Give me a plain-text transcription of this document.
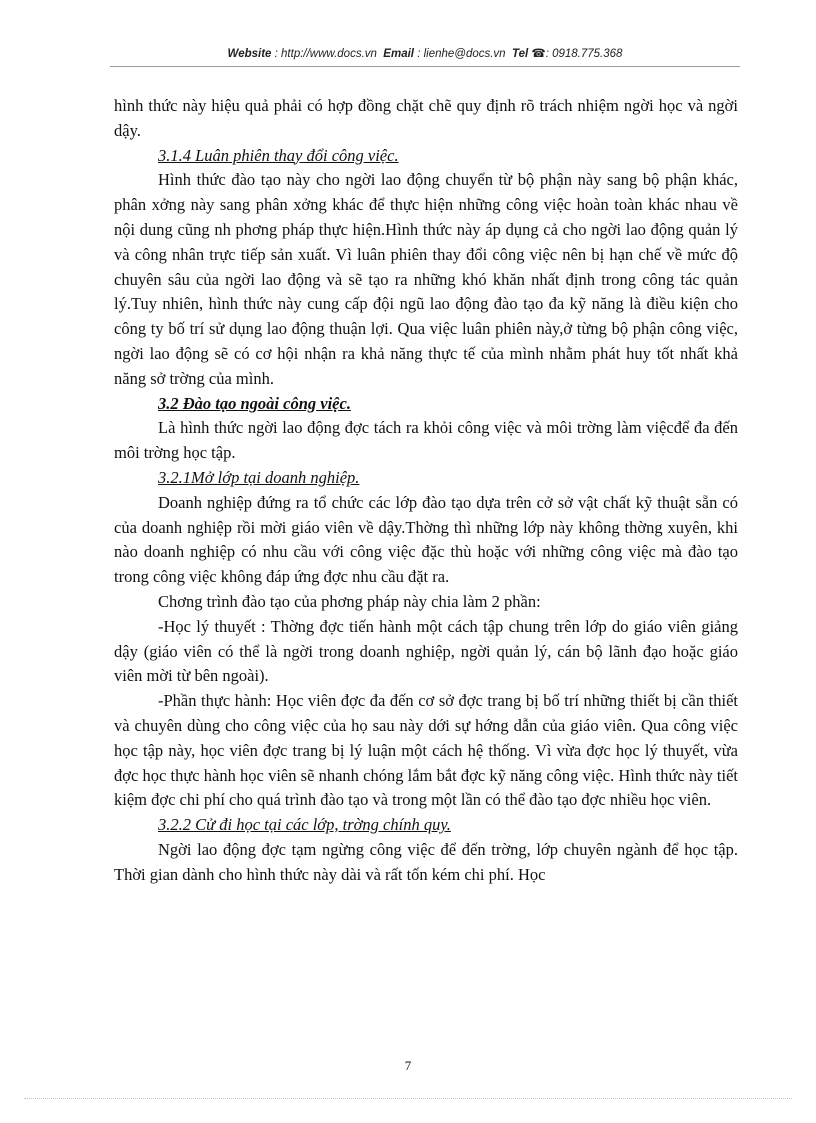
Website : http://www.docs.vn Email : lienhe@docs.vn Tel ☎: 0918.775.368

hình thức này hiệu quả phải có hợp đồng chặt chẽ quy định rõ trách nhiệm ngời học và ngời dậy.

3.1.4 Luân phiên thay đổi công việc.

Hình thức đào tạo này cho ngời lao động chuyển từ bộ phận này sang bộ phận khác, phân xởng này sang phân xởng khác để thực hiện những công việc hoàn toàn khác nhau về nội dung cũng nh phơng pháp thực hiện.Hình thức này áp dụng cả cho ngời lao động quản lý và công nhân trực tiếp sản xuất. Vì luân phiên thay đổi công việc nên bị hạn chế về mức độ chuyên sâu của ngời lao động và sẽ tạo ra những khó khăn nhất định trong công tác quản lý.Tuy nhiên, hình thức này cung cấp đội ngũ lao động đào tạo đa kỹ năng là điều kiện cho công ty bố trí sử dụng lao động thuận lợi. Qua việc luân phiên này,ở từng bộ phận công việc, ngời lao động sẽ có cơ hội nhận ra khả năng thực tế của mình nhằm phát huy tốt nhất khả năng sở trờng của mình.

3.2 Đào tạo ngoài công việc.

Là hình thức ngời lao động đợc tách ra khỏi công việc và môi trờng làm việcđể đa đến môi trờng học tập.

3.2.1Mở lớp tại doanh nghiệp.

Doanh nghiệp đứng ra tổ chức các lớp đào tạo dựa trên cở sở vật chất kỹ thuật sẵn có của doanh nghiệp rồi mời giáo viên về dậy.Thờng thì những lớp này không thờng xuyên, khi nào doanh nghiệp có nhu cầu với công việc đặc thù hoặc với những công việc mà đào tạo trong công việc không đáp ứng đợc nhu cầu đặt ra.

Chơng trình đào tạo của phơng pháp này chia làm 2 phần:

-Học lý thuyết : Thờng đợc tiến hành một cách tập chung trên lớp do giáo viên giảng dậy (giáo viên có thể là ngời trong doanh nghiệp, ngời quản lý, cán bộ lãnh đạo hoặc giáo viên mời từ bên ngoài).

-Phần thực hành: Học viên đợc đa đến cơ sở đợc trang bị bố trí những thiết bị cần thiết và chuyên dùng cho công việc của họ sau này dới sự hớng dẫn của giáo viên. Qua công việc học tập này, học viên đợc trang bị lý luận một cách hệ thống. Vì vừa đợc học lý thuyết, vừa đợc học thực hành học viên sẽ nhanh chóng lắm bắt đợc kỹ năng công việc. Hình thức này tiết kiệm đợc chi phí cho quá trình đào tạo và trong một lần có thể đào tạo đợc nhiều học viên.

3.2.2 Cử đi học tại các lớp, trờng chính quy.

Ngời lao động đợc tạm ngừng công việc để đến trờng, lớp chuyên ngành để học tập. Thời gian dành cho hình thức này dài và rất tốn kém chi phí. Học

7
